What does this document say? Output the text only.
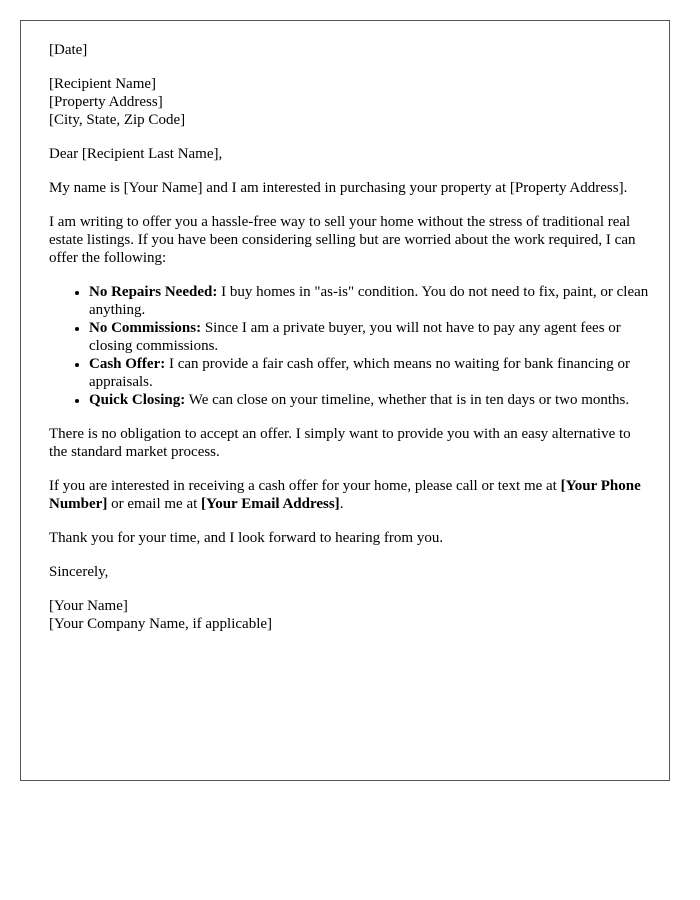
[Date]

[Recipient Name]
[Property Address]
[City, State, Zip Code]

Dear [Recipient Last Name],

My name is [Your Name] and I am interested in purchasing your property at [Property Address].

I am writing to offer you a hassle-free way to sell your home without the stress of traditional real estate listings. If you have been considering selling but are worried about the work required, I can offer the following:

• No Repairs Needed: I buy homes in "as-is" condition. You do not need to fix, paint, or clean anything.
• No Commissions: Since I am a private buyer, you will not have to pay any agent fees or closing commissions.
• Cash Offer: I can provide a fair cash offer, which means no waiting for bank financing or appraisals.
• Quick Closing: We can close on your timeline, whether that is in ten days or two months.

There is no obligation to accept an offer. I simply want to provide you with an easy alternative to the standard market process.

If you are interested in receiving a cash offer for your home, please call or text me at [Your Phone Number] or email me at [Your Email Address].

Thank you for your time, and I look forward to hearing from you.

Sincerely,

[Your Name]
[Your Company Name, if applicable]
